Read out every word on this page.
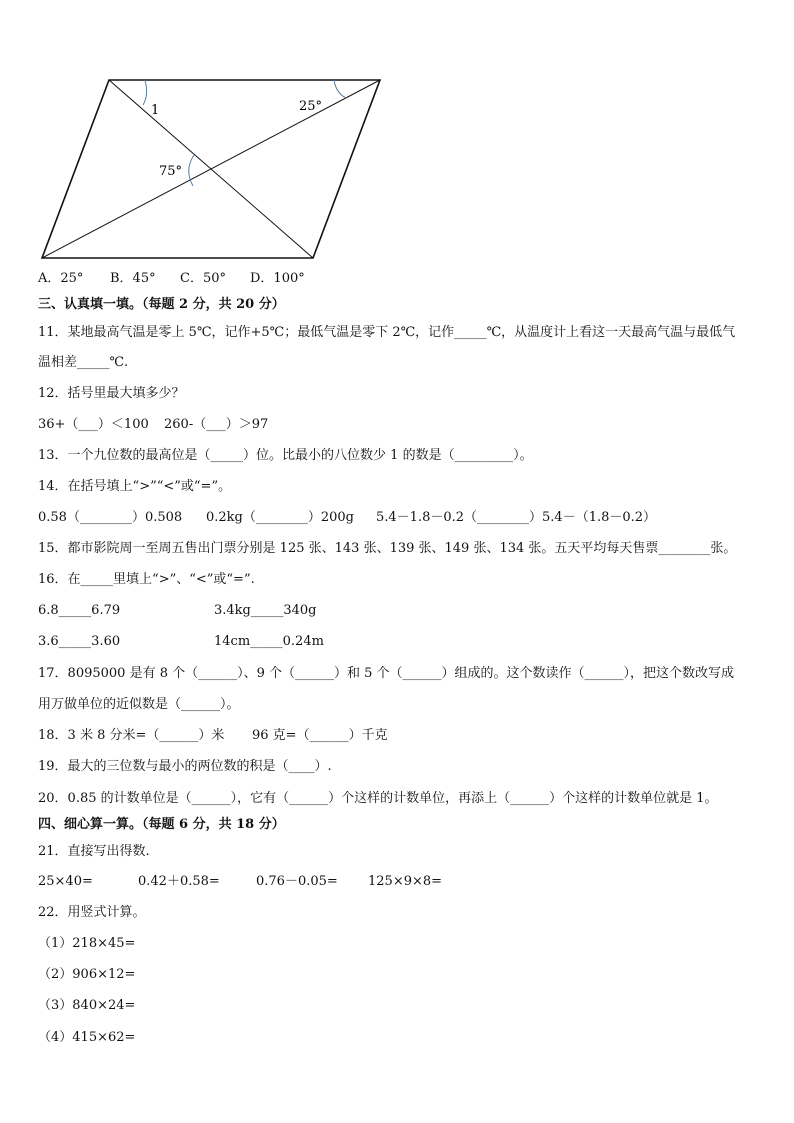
1	25°
75°
A．25° B．45° C．50° D．100°
三、认真填一填。（每题 2 分，共 20 分）
11．某地最高气温是零上 5℃，记作+5℃；最低气温是零下 2℃，记作_____℃，从温度计上看这一天最高气温与最低气
温相差_____℃.
12．括号里最大填多少？
36+（___）＜100 260-（___）＞97
13．一个九位数的最高位是（_____）位。比最小的八位数少 1 的数是（_________）。
14．在括号填上“>”“<”或“=”。
0.58（________）0.508 0.2kg（________）200g 5.4－1.8－0.2（________）5.4－（1.8－0.2）
15．都市影院周一至周五售出门票分别是 125 张、143 张、139 张、149 张、134 张。五天平均每天售票________张。
16．在_____里填上“>”、“<”或“=”.
6.8_____6.79	3.4kg_____340g
3.6_____3.60	14cm_____0.24m
17．8095000 是有 8 个（______）、9 个（______）和 5 个（______）组成的。这个数读作（______），把这个数改写成
用万做单位的近似数是（______）。
18．3 米 8 分米=（______）米 96 克=（______）千克
19．最大的三位数与最小的两位数的积是（____）.
20．0.85 的计数单位是（______），它有（______）个这样的计数单位，再添上（______）个这样的计数单位就是 1。
四、细心算一算。（每题 6 分，共 18 分）
21．直接写出得数.
25×40=	0.42＋0.58=	0.76－0.05= 125×9×8=
22．用竖式计算。
（1）218×45=
（2）906×12=
（3）840×24=
（4）415×62=
